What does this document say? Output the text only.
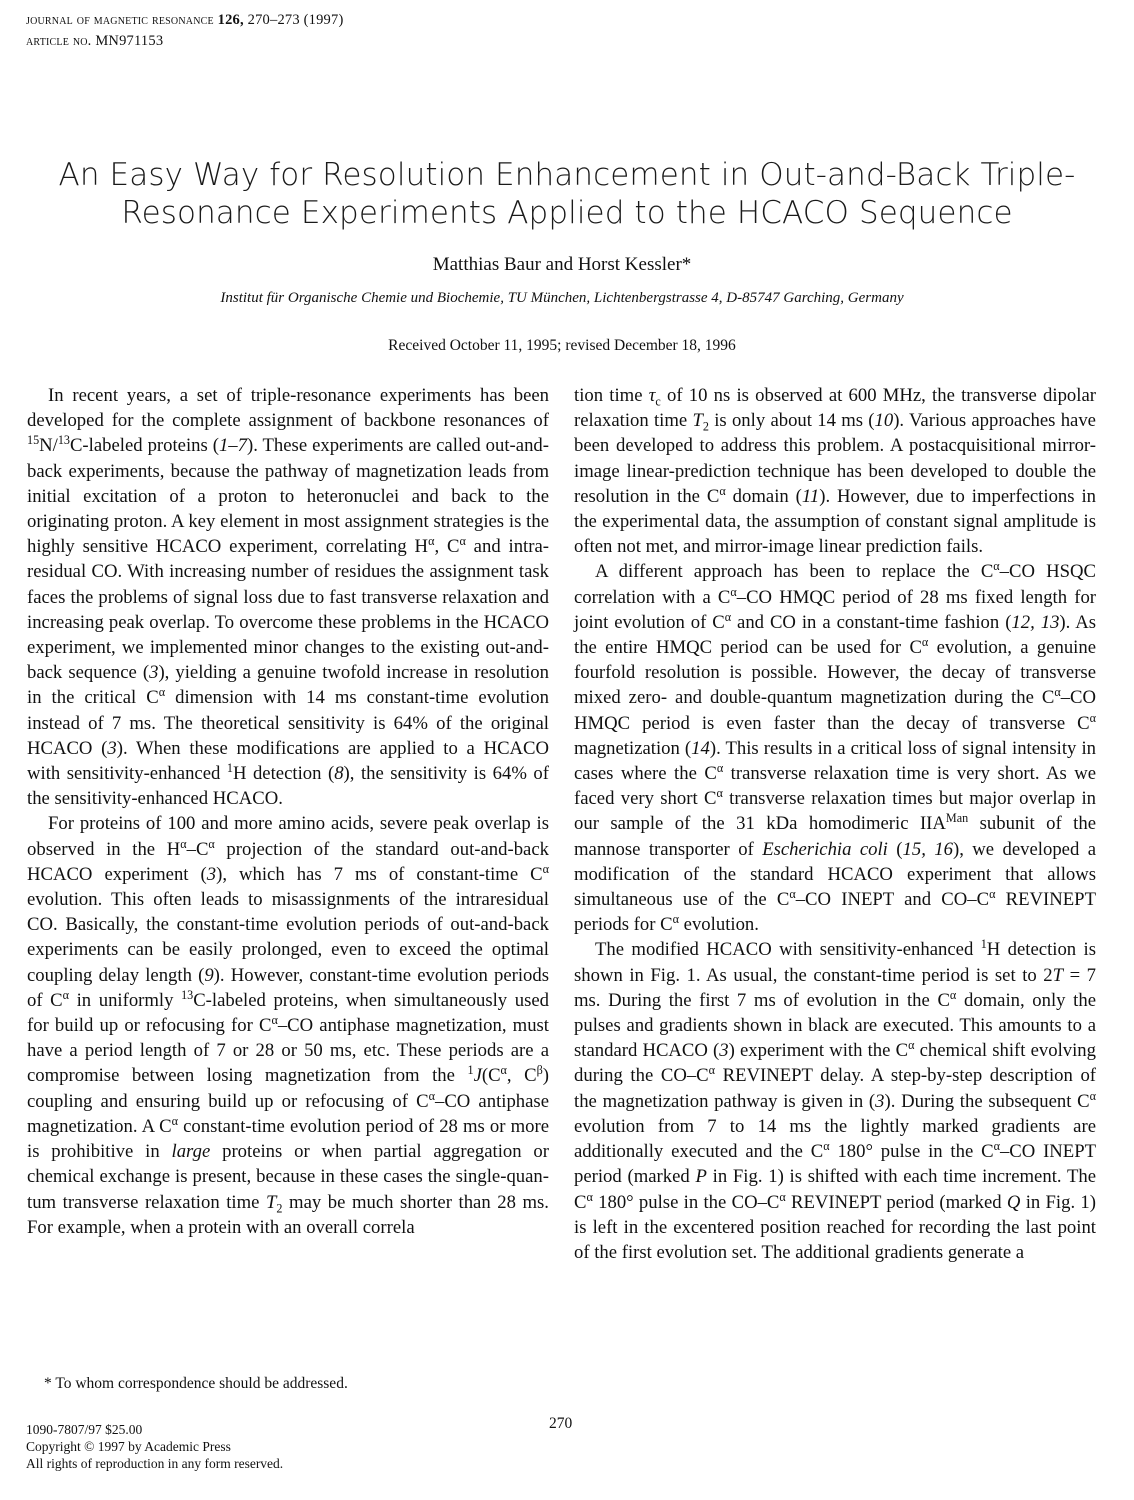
journal of magnetic resonance 126, 270–273 (1997)
article no. MN971153
An Easy Way for Resolution Enhancement in Out-and-Back Triple-
Resonance Experiments Applied to the HCACO Sequence
Matthias Baur and Horst Kessler*
Institut für Organische Chemie und Biochemie, TU München, Lichtenbergstrasse 4, D-85747 Garching, Germany
Received October 11, 1995; revised December 18, 1996

In recent years, a set of triple-resonance experiments has been developed for the complete assignment of backbone resonances of $^{15}$N/$^{13}$C-labeled proteins (1–7). These experiments are called out-and-back experiments, because the pathway of magnetization leads from initial excitation of a proton to heteronuclei and back to the originating proton. A key element in most assignment strategies is the highly sensitive HCACO experiment, correlating $H^\alpha$, $C^\alpha$ and intraresidual CO. With increasing number of residues the assignment task faces the problems of signal loss due to fast transverse relaxation and increasing peak overlap. To overcome these problems in the HCACO experiment, we implemented minor changes to the existing out-and-back sequence (3), yielding a genuine twofold increase in resolution in the critical $C^\alpha$ dimension with 14 ms constant-time evolution instead of 7 ms. The theoretical sensitivity is 64% of the original HCACO (3). When these modifications are applied to a HCACO with sensitivity-enhanced $^1$H detection (8), the sensitivity is 64% of the sensitivity-enhanced HCACO.

For proteins of 100 and more amino acids, severe peak overlap is observed in the $H^\alpha-C^\alpha$ projection of the standard out-and-back HCACO experiment (3), which has 7 ms of constant-time $C^\alpha$ evolution. This often leads to misassignments of the intraresidual CO. Basically, the constant-time evolution periods of out-and-back experiments can be easily prolonged, even to exceed the optimal coupling delay length (9). However, constant-time evolution periods of $C^\alpha$ in uniformly $^{13}$C-labeled proteins, when simultaneously used for build up or refocusing for $C^\alpha-CO$ antiphase magnetization, must have a period length of 7 or 28 or 50 ms, etc. These periods are a compromise between losing magnetization from the $^1J(C^\alpha$, $C^\beta$) coupling and ensuring build up or refocusing of $C^\alpha-CO$ antiphase magnetization. A $C^\alpha$ constant-time evolution period of 28 ms or more is prohibitive in large proteins or when partial aggregation or chemical exchange is present, because in these cases the single-quantum transverse relaxation time $T_2$ may be much shorter than 28 ms. For example, when a protein with an overall correla

tion time $\tau_c$ of 10 ns is observed at 600 MHz, the transverse dipolar relaxation time $T_2$ is only about 14 ms (10). Various approaches have been developed to address this problem. A postacquisitional mirror-image linear-prediction technique has been developed to double the resolution in the $C^\alpha$ domain (11). However, due to imperfections in the experimental data, the assumption of constant signal amplitude is often not met, and mirror-image linear prediction fails.

A different approach has been to replace the $C^\alpha-CO$ HSQC correlation with a $C^\alpha-CO$ HMQC period of 28 ms fixed length for joint evolution of $C^\alpha$ and CO in a constant-time fashion (12, 13). As the entire HMQC period can be used for $C^\alpha$ evolution, a genuine fourfold resolution is possible. However, the decay of transverse mixed zero- and double-quantum magnetization during the $C^\alpha-CO$ HMQC period is even faster than the decay of transverse $C^\alpha$ magnetization (14). This results in a critical loss of signal intensity in cases where the $C^\alpha$ transverse relaxation time is very short. As we faced very short $C^\alpha$ transverse relaxation times but major overlap in our sample of the 31 kDa homodimeric $IIA^{Man}$ subunit of the mannose transporter of Escherichia coli (15, 16), we developed a modification of the standard HCACO experiment that allows simultaneous use of the $C^\alpha-CO$ INEPT and $CO-C^\alpha$ REVINEPT periods for $C^\alpha$ evolution.

The modified HCACO with sensitivity-enhanced $^1$H detection is shown in Fig. 1. As usual, the constant-time period is set to 2T = 7 ms. During the first 7 ms of evolution in the $C^\alpha$ domain, only the pulses and gradients shown in black are executed. This amounts to a standard HCACO (3) experiment with the $C^\alpha$ chemical shift evolving during the $CO-C^\alpha$ REVINEPT delay. A step-by-step description of the magnetization pathway is given in (3). During the subsequent $C^\alpha$ evolution from 7 to 14 ms the lightly marked gradients are additionally executed and the $C^\alpha$ 180° pulse in the $C^\alpha-CO$ INEPT period (marked P in Fig. 1) is shifted with each time increment. The $C^\alpha$ 180° pulse in the $CO-C^\alpha$ REVINEPT period (marked Q in Fig. 1) is left in the excentered position reached for recording the last point of the first evolution set. The additional gradients generate a

* To whom correspondence should be addressed.
270
1090-7807/97 $25.00
Copyright © 1997 by Academic Press
All rights of reproduction in any form reserved.
